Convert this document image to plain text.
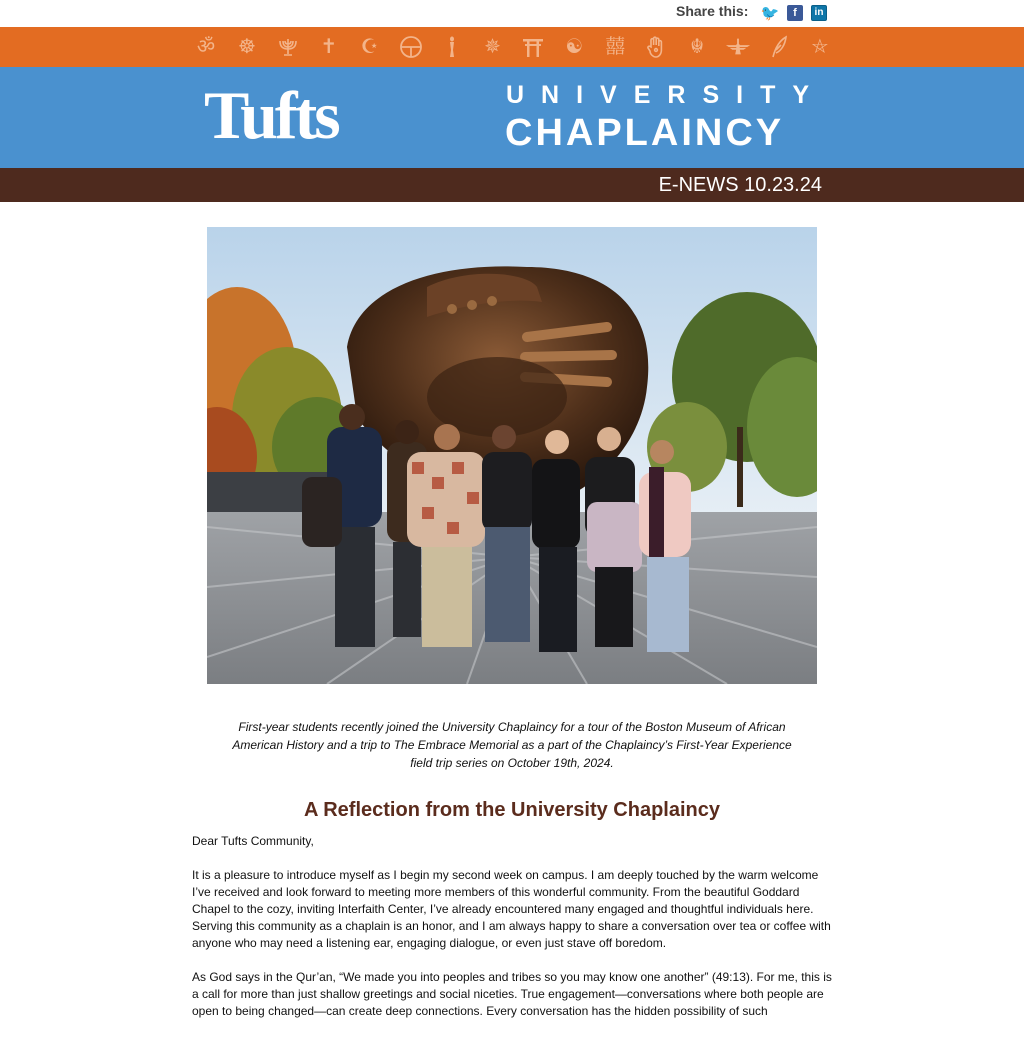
Share this: 🐦	f	in
ॐ ☸	✝ ☪	✵	☯ 囍	☬	⛤
Tufts	UNIVERSITY
CHAPLAINCY
E-NEWS 10.23.24
First-year students recently joined the University Chaplaincy for a tour of the Boston Museum of African American History and a trip to The Embrace Memorial as a part of the Chaplaincy’s First-Year Experience field trip series on October 19th, 2024.
A Reflection from the University Chaplaincy

Dear Tufts Community,

It is a pleasure to introduce myself as I begin my second week on campus. I am deeply touched by the warm welcome I’ve received and look forward to meeting more members of this wonderful community. From the beautiful Goddard Chapel to the cozy, inviting Interfaith Center, I’ve already encountered many engaged and thoughtful individuals here. Serving this community as a chaplain is an honor, and I am always happy to share a conversation over tea or coffee with anyone who may need a listening ear, engaging dialogue, or even just stave off boredom.

As God says in the Qur’an, “We made you into peoples and tribes so you may know one another” (49:13). For me, this is a call for more than just shallow greetings and social niceties. True engagement—conversations where both people are open to being changed—can create deep connections. Every conversation has the hidden possibility of such
